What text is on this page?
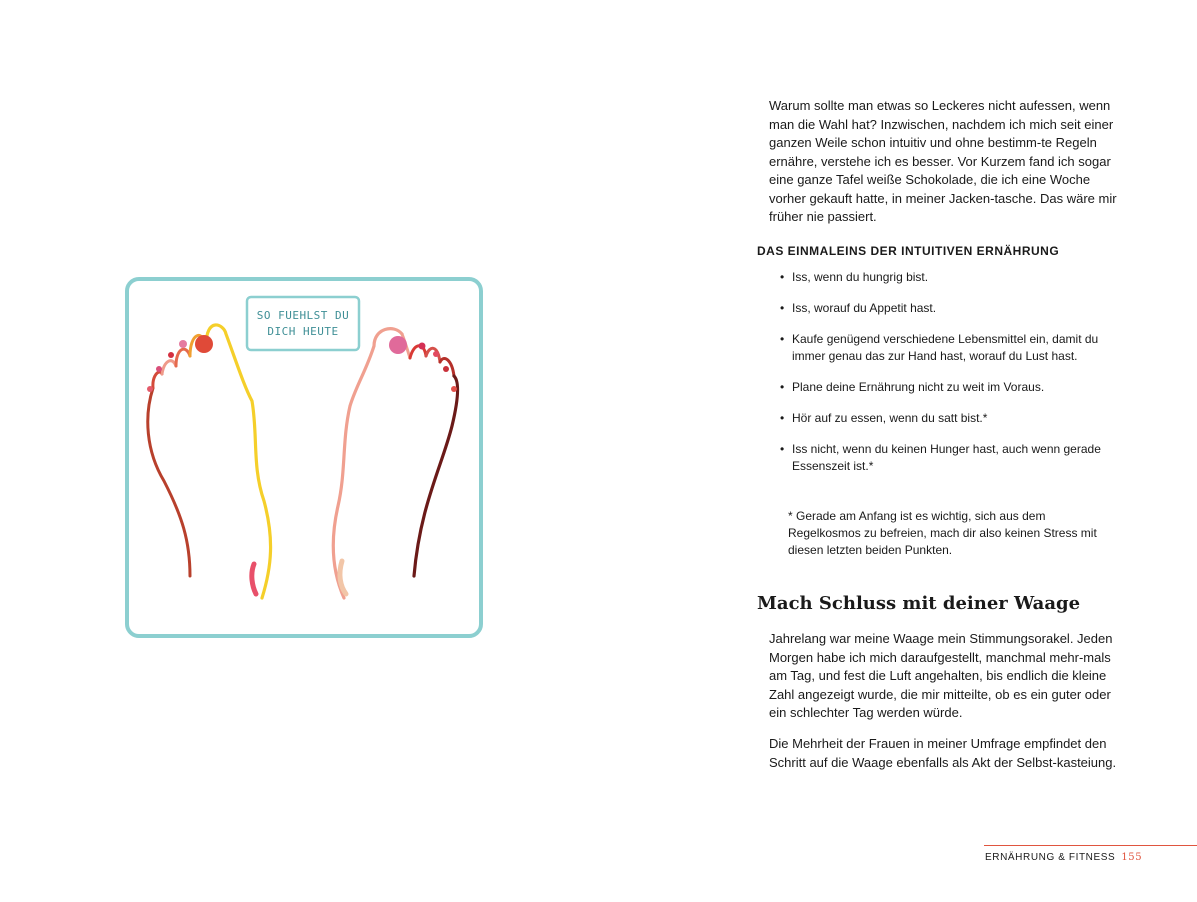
SO FUEHLST DU
DICH HEUTE

Warum sollte man etwas so Leckeres nicht aufessen, wenn man die Wahl hat? Inzwischen, nachdem ich mich seit einer ganzen Weile schon intuitiv und ohne bestimm-te Regeln ernähre, verstehe ich es besser. Vor Kurzem fand ich sogar eine ganze Tafel weiße Schokolade, die ich eine Woche vorher gekauft hatte, in meiner Jacken-tasche. Das wäre mir früher nie passiert.

DAS EINMALEINS DER INTUITIVEN ERNÄHRUNG
• Iss, wenn du hungrig bist.
• Iss, worauf du Appetit hast.
• Kaufe genügend verschiedene Lebensmittel ein, damit du immer genau das zur Hand hast, worauf du Lust hast.
• Plane deine Ernährung nicht zu weit im Voraus.
• Hör auf zu essen, wenn du satt bist.*
• Iss nicht, wenn du keinen Hunger hast, auch wenn gerade Essenszeit ist.*

* Gerade am Anfang ist es wichtig, sich aus dem Regelkosmos zu befreien, mach dir also keinen Stress mit diesen letzten beiden Punkten.

Mach Schluss mit deiner Waage

Jahrelang war meine Waage mein Stimmungsorakel. Jeden Morgen habe ich mich daraufgestellt, manchmal mehr-mals am Tag, und fest die Luft angehalten, bis endlich die kleine Zahl angezeigt wurde, die mir mitteilte, ob es ein guter oder ein schlechter Tag werden würde.

Die Mehrheit der Frauen in meiner Umfrage empfindet den Schritt auf die Waage ebenfalls als Akt der Selbst-kasteiung.

ERNÄHRUNG & FITNESS 155
